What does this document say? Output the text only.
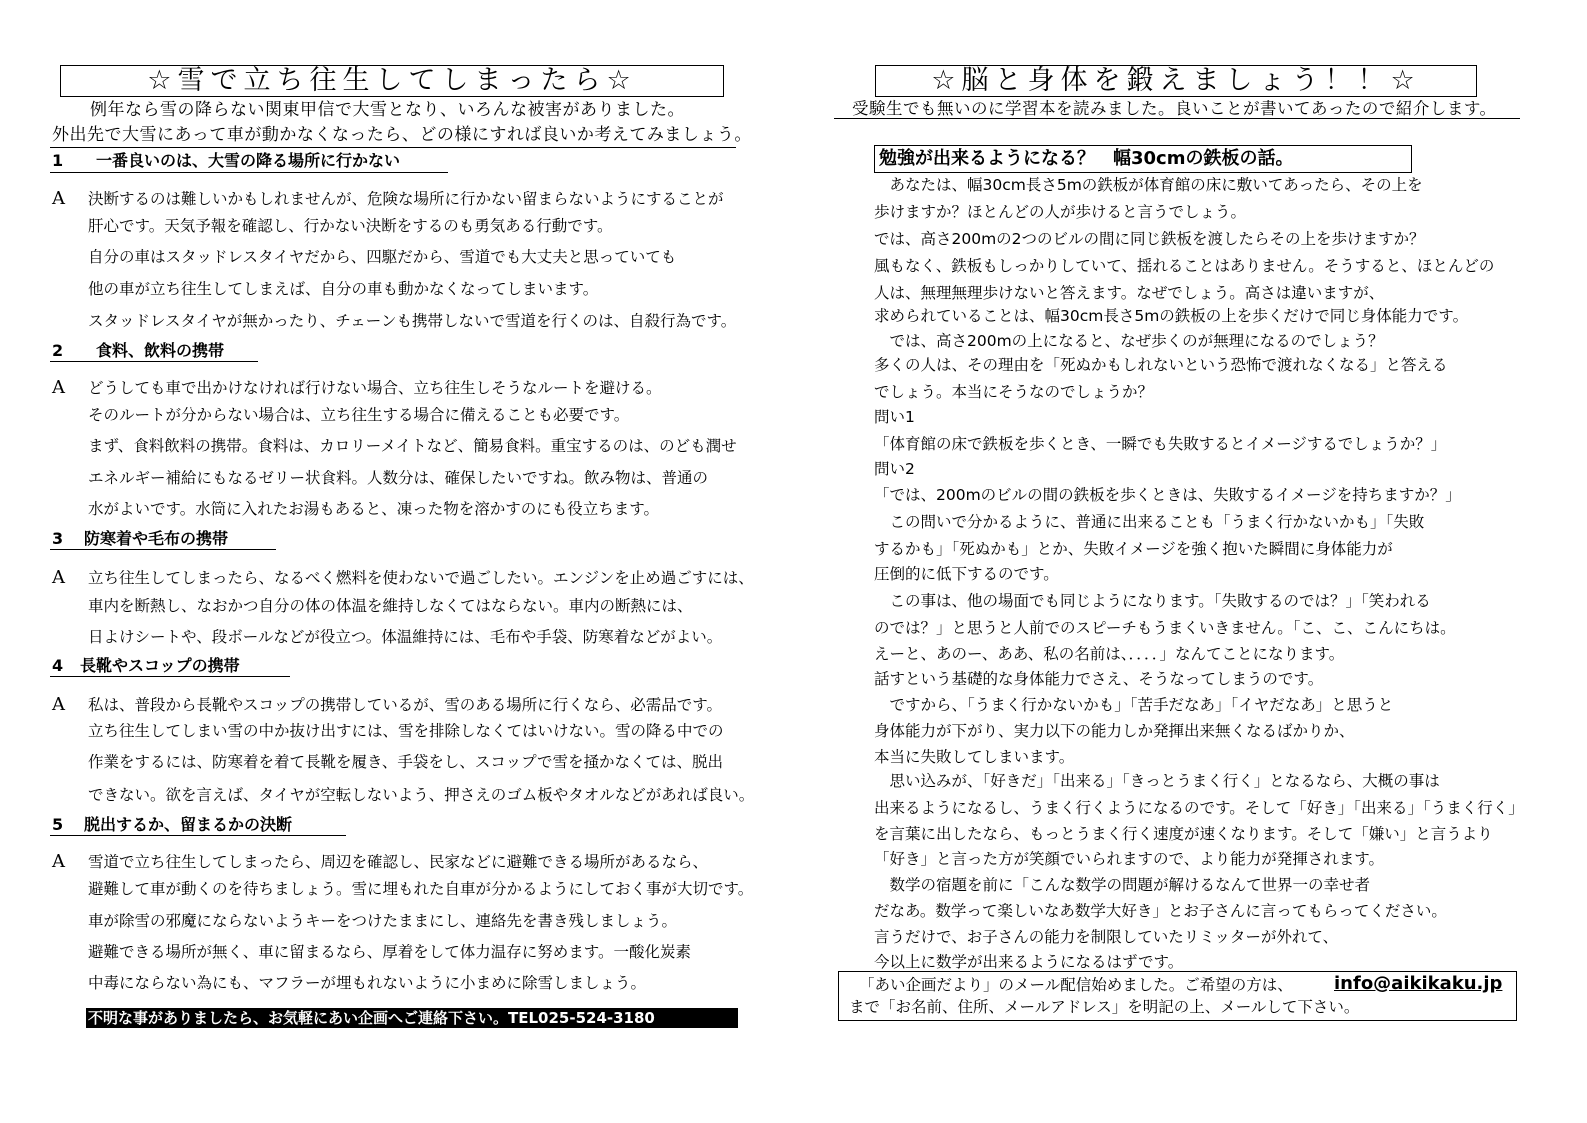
☆雪で立ち往生してしまったら☆
例年なら雪の降らない関東甲信で大雪となり、いろんな被害がありました。
外出先で大雪にあって車が動かなくなったら、どの様にすれば良いか考えてみましょう。
1 一番良いのは、大雪の降る場所に行かない
A 決断するのは難しいかもしれませんが、危険な場所に行かない留まらないようにすることが
肝心です。天気予報を確認し、行かない決断をするのも勇気ある行動です。
自分の車はスタッドレスタイヤだから、四駆だから、雪道でも大丈夫と思っていても
他の車が立ち往生してしまえば、自分の車も動かなくなってしまいます。
スタッドレスタイヤが無かったり、チェーンも携帯しないで雪道を行くのは、自殺行為です。
2 食料、飲料の携帯
A どうしても車で出かけなければ行けない場合、立ち往生しそうなルートを避ける。
そのルートが分からない場合は、立ち往生する場合に備えることも必要です。
まず、食料飲料の携帯。食料は、カロリーメイトなど、簡易食料。重宝するのは、のども潤せ
エネルギー補給にもなるゼリー状食料。人数分は、確保したいですね。飲み物は、普通の
水がよいです。水筒に入れたお湯もあると、凍った物を溶かすのにも役立ちます。
3 防寒着や毛布の携帯
A 立ち往生してしまったら、なるべく燃料を使わないで過ごしたい。エンジンを止め過ごすには、
車内を断熱し、なおかつ自分の体の体温を維持しなくてはならない。車内の断熱には、
日よけシートや、段ボールなどが役立つ。体温維持には、毛布や手袋、防寒着などがよい。
4 長靴やスコップの携帯
A 私は、普段から長靴やスコップの携帯しているが、雪のある場所に行くなら、必需品です。
立ち往生してしまい雪の中か抜け出すには、雪を排除しなくてはいけない。雪の降る中での
作業をするには、防寒着を着て長靴を履き、手袋をし、スコップで雪を掻かなくては、脱出
できない。欲を言えば、タイヤが空転しないよう、押さえのゴム板やタオルなどがあれば良い。
5 脱出するか、留まるかの決断
A 雪道で立ち往生してしまったら、周辺を確認し、民家などに避難できる場所があるなら、
避難して車が動くのを待ちましょう。雪に埋もれた自車が分かるようにしておく事が大切です。
車が除雪の邪魔にならないようキーをつけたままにし、連絡先を書き残しましょう。
避難できる場所が無く、車に留まるなら、厚着をして体力温存に努めます。一酸化炭素
中毒にならない為にも、マフラーが埋もれないように小まめに除雪しましょう。
不明な事がありましたら、お気軽にあい企画へご連絡下さい。TEL025-524-3180
☆脳と身体を鍛えましょう！！☆
受験生でも無いのに学習本を読みました。良いことが書いてあったので紹介します。
勉強が出来るようになる？　幅30cmの鉄板の話。
　あなたは、幅30cm長さ5mの鉄板が体育館の床に敷いてあったら、その上を
歩けますか？ほとんどの人が歩けると言うでしょう。
では、高さ200mの2つのビルの間に同じ鉄板を渡したらその上を歩けますか？
風もなく、鉄板もしっかりしていて、揺れることはありません。そうすると、ほとんどの
人は、無理無理歩けないと答えます。なぜでしょう。高さは違いますが、
求められていることは、幅30cm長さ5mの鉄板の上を歩くだけで同じ身体能力です。
　では、高さ200mの上になると、なぜ歩くのが無理になるのでしょう？
多くの人は、その理由を「死ぬかもしれないという恐怖で渡れなくなる」と答える
でしょう。本当にそうなのでしょうか？
問い1
「体育館の床で鉄板を歩くとき、一瞬でも失敗するとイメージするでしょうか？」
問い2
「では、200mのビルの間の鉄板を歩くときは、失敗するイメージを持ちますか？」
　この問いで分かるように、普通に出来ることも「うまく行かないかも」「失敗
するかも」「死ぬかも」とか、失敗イメージを強く抱いた瞬間に身体能力が
圧倒的に低下するのです。
　この事は、他の場面でも同じようになります。「失敗するのでは？」「笑われる
のでは？」と思うと人前でのスピーチもうまくいきません。「こ、こ、こんにちは。
えーと、あのー、ああ、私の名前は、．．．．」なんてことになります。
話すという基礎的な身体能力でさえ、そうなってしまうのです。
　ですから、「うまく行かないかも」「苦手だなあ」「イヤだなあ」と思うと
身体能力が下がり、実力以下の能力しか発揮出来無くなるばかりか、
本当に失敗してしまいます。
　思い込みが、「好きだ」「出来る」「きっとうまく行く」となるなら、大概の事は
出来るようになるし、うまく行くようになるのです。そして「好き」「出来る」「うまく行く」
を言葉に出したなら、もっとうまく行く速度が速くなります。そして「嫌い」と言うより
「好き」と言った方が笑顔でいられますので、より能力が発揮されます。
　数学の宿題を前に「こんな数学の問題が解けるなんて世界一の幸せ者
だなあ。数学って楽しいなあ数学大好き」とお子さんに言ってもらってください。
言うだけで、お子さんの能力を制限していたリミッターが外れて、
今以上に数学が出来るようになるはずです。
「あい企画だより」のメール配信始めました。ご希望の方は、 info@aikikaku.jp
まで「お名前、住所、メールアドレス」を明記の上、メールして下さい。
